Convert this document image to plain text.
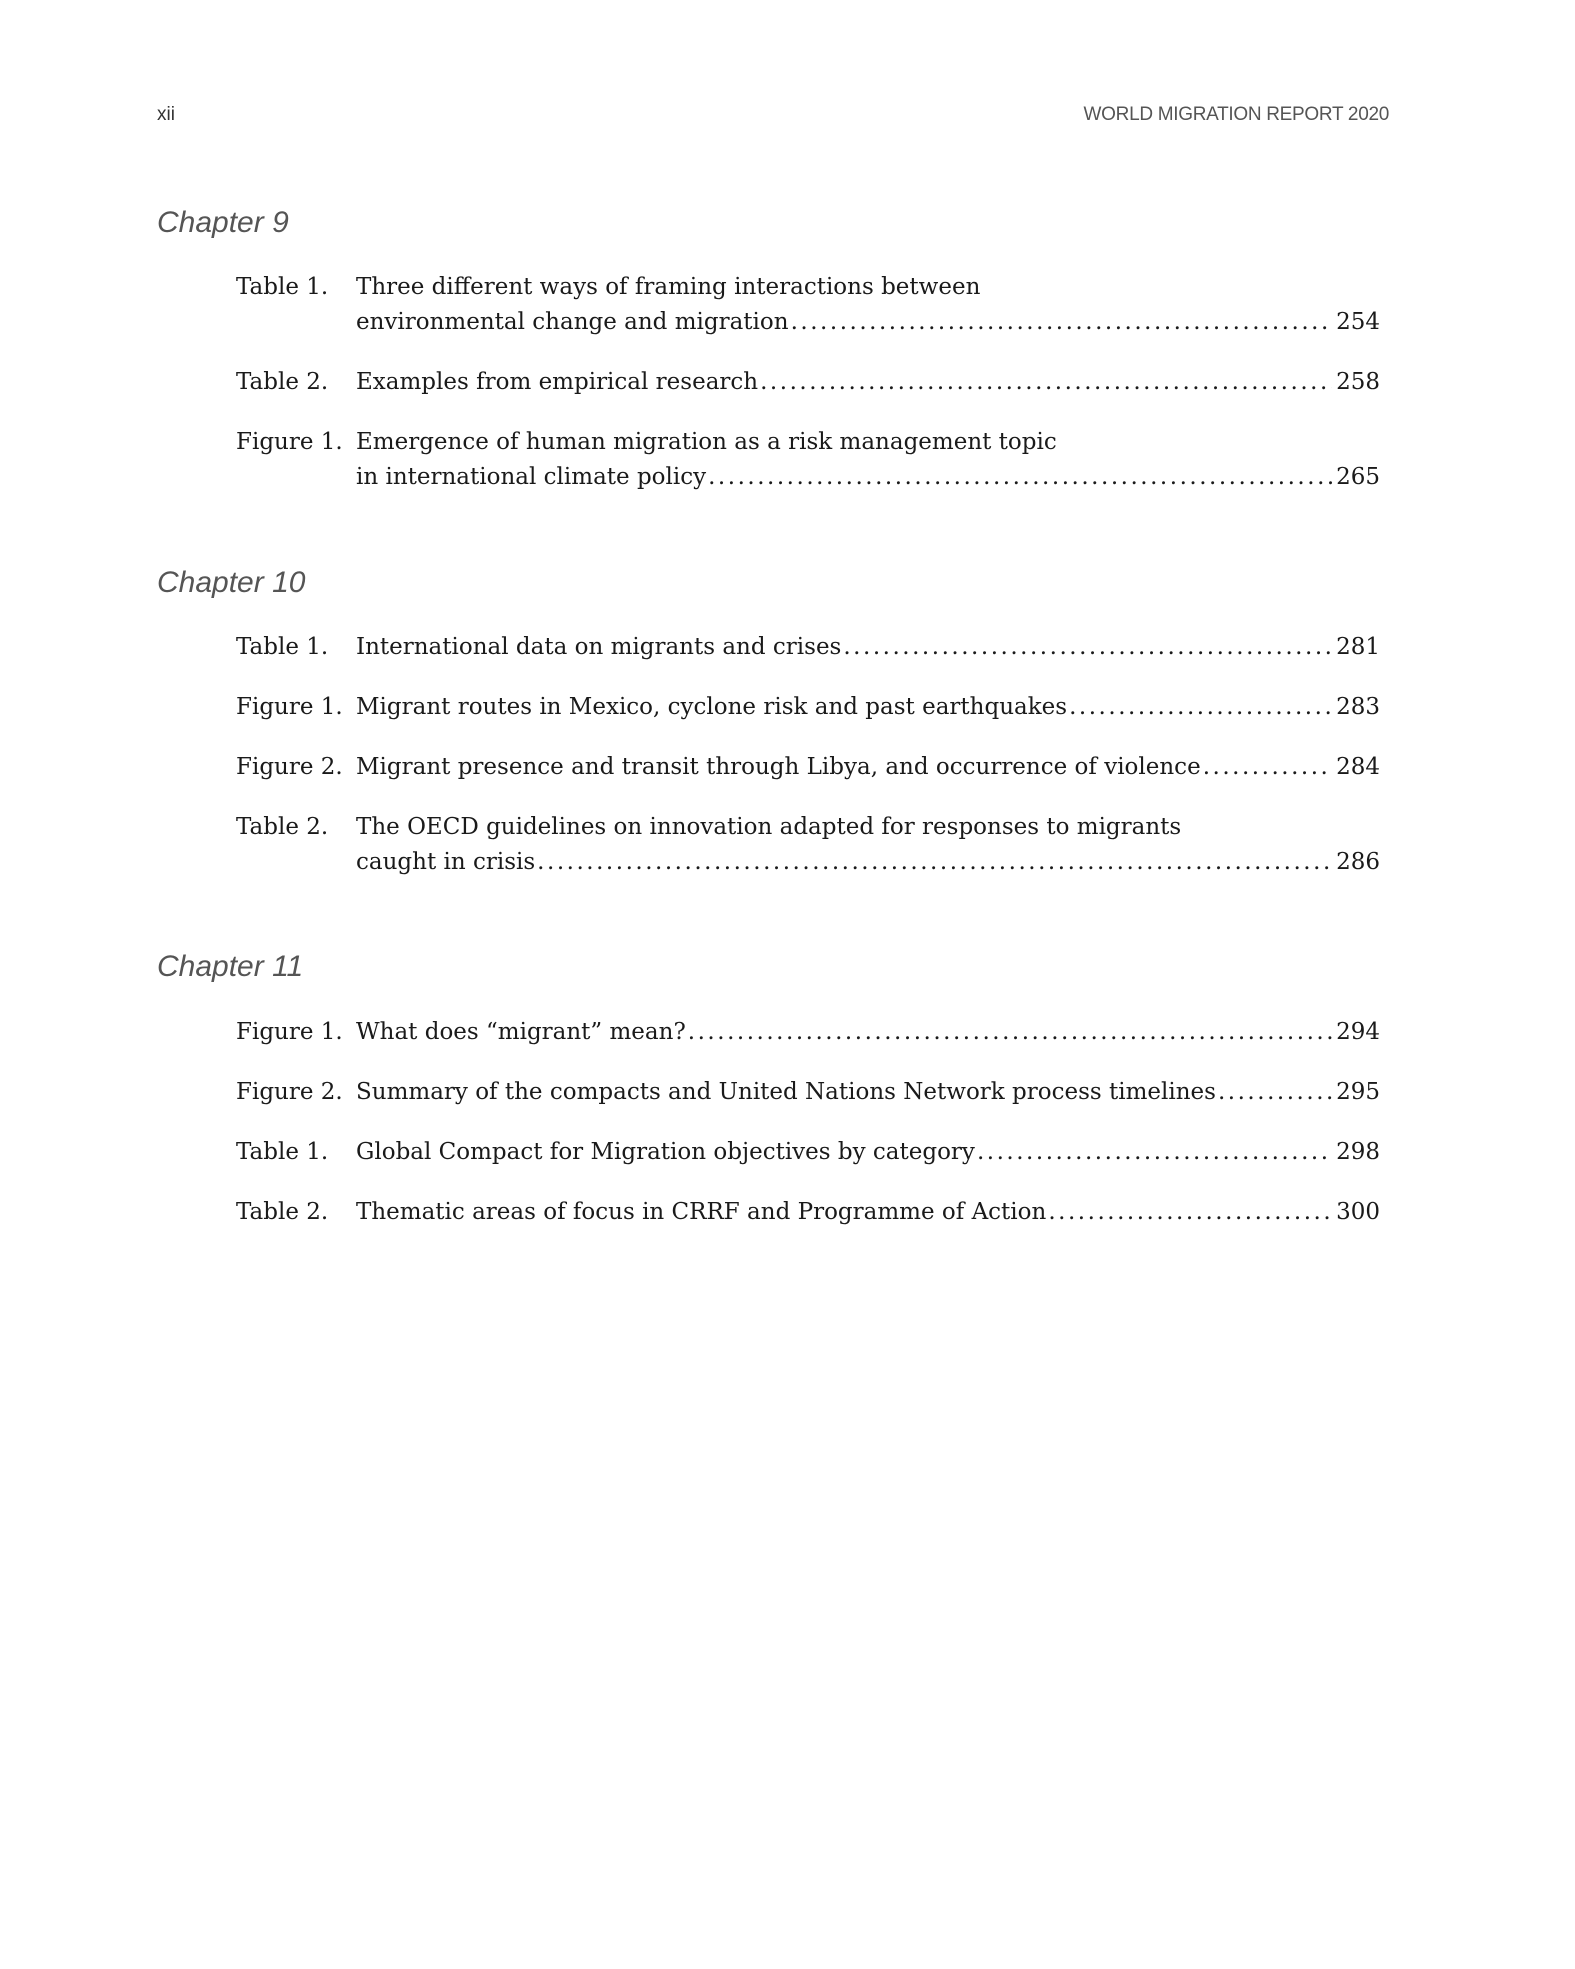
xii	WORLD MIGRATION REPORT 2020
Chapter 9
Table 1.	Three different ways of framing interactions between
environmental change and migration . . .	254
Table 2.	Examples from empirical research . . .	258
Figure 1. Emergence of human migration as a risk management topic
in international climate policy . . .	265
Chapter 10
Table 1.	International data on migrants and crises . . .	281
Figure 1. Migrant routes in Mexico, cyclone risk and past earthquakes . . .	283
Figure 2. Migrant presence and transit through Libya, and occurrence of violence . . .	284
Table 2.	The OECD guidelines on innovation adapted for responses to migrants
caught in crisis . . .	286
Chapter 11
Figure 1. What does “migrant” mean? . . .	294
Figure 2. Summary of the compacts and United Nations Network process timelines . . .	295
Table 1.	Global Compact for Migration objectives by category . . .	298
Table 2.	Thematic areas of focus in CRRF and Programme of Action . . .	300
